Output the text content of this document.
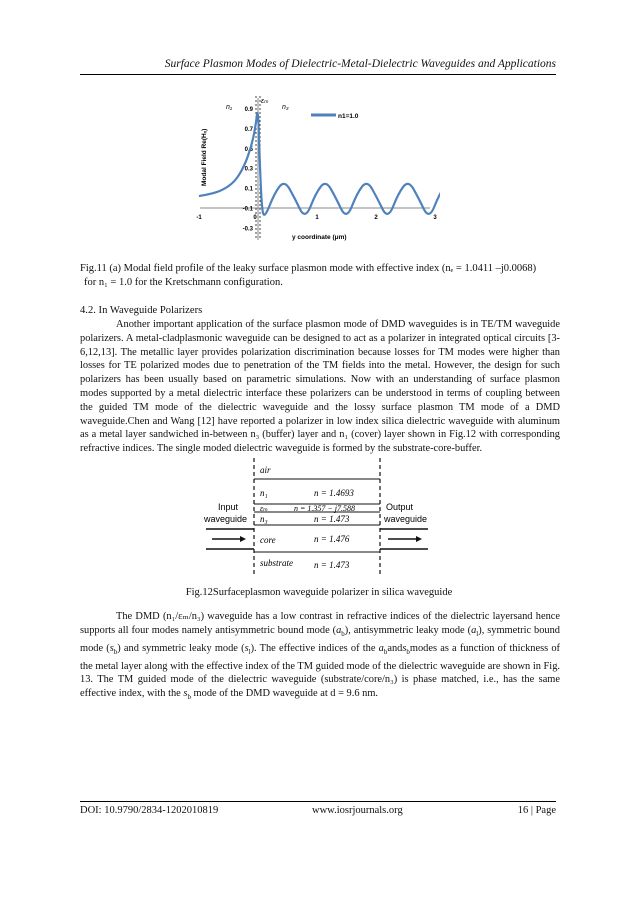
Surface Plasmon Modes of Dielectric-Metal-Dielectric Waveguides and Applications
n₁
εₘ
n₃
n1=1.0
Modal Field Re(Hₓ)
y coordinate (μm)
0.9
0.7
0.5
0.3
0.1
-0.1
-0.3
-1	0	1	2	3
Fig.11 (a) Modal field profile of the leaky surface plasmon mode with effective index (nₑ = 1.0411 –j0.0068)
for n₁ = 1.0 for the Kretschmann configuration.
4.2. In Waveguide Polarizers
Another important application of the surface plasmon mode of DMD waveguides is in TE/TM waveguide polarizers. A metal-cladplasmonic waveguide can be designed to act as a polarizer in integrated optical circuits [3-6,12,13]. The metallic layer provides polarization discrimination because losses for TM modes were higher than losses for TE polarized modes due to penetration of the TM fields into the metal. However, the design for such polarizers has been usually based on parametric simulations. Now with an understanding of surface plasmon modes supported by a metal dielectric interface these polarizers can be understood in terms of coupling between the guided TM mode of the dielectric waveguide and the lossy surface plasmon TM mode of a DMD waveguide.Chen and Wang [12] have reported a polarizer in low index silica dielectric waveguide with aluminum as a metal layer sandwiched in-between n₃ (buffer) layer and n₁ (cover) layer shown in Fig.12 with corresponding refractive indices. The single moded dielectric waveguide is formed by the substrate-core-buffer.
Input
waveguide
Output
waveguide
air
n₁	n = 1.4693
εₘ	n = 1.357 − j7.588
n₃	n = 1.473
core	n = 1.476
substrate n = 1.473
Fig.12Surfaceplasmon waveguide polarizer in silica waveguide
The DMD (n₁/εₘ/n₃) waveguide has a low contrast in refractive indices of the dielectric layersand hence supports all four modes namely antisymmetric bound mode $(a_b)$, antisymmetric leaky mode $(a_l)$, symmetric bound mode $(s_b)$ and symmetric leaky mode $(s_l)$. The effective indices of the $a_bands_bmodes$ as a function of thickness of the metal layer along with the effective index of the TM guided mode of the dielectric waveguide are shown in Fig. 13. The TM guided mode of the dielectric waveguide (substrate/core/n₃) is phase matched, i.e., has the same effective index, with the $s_b$ mode of the DMD waveguide at d = 9.6 nm.
DOI: 10.9790/2834-1202010819	www.iosrjournals.org	16 | Page
